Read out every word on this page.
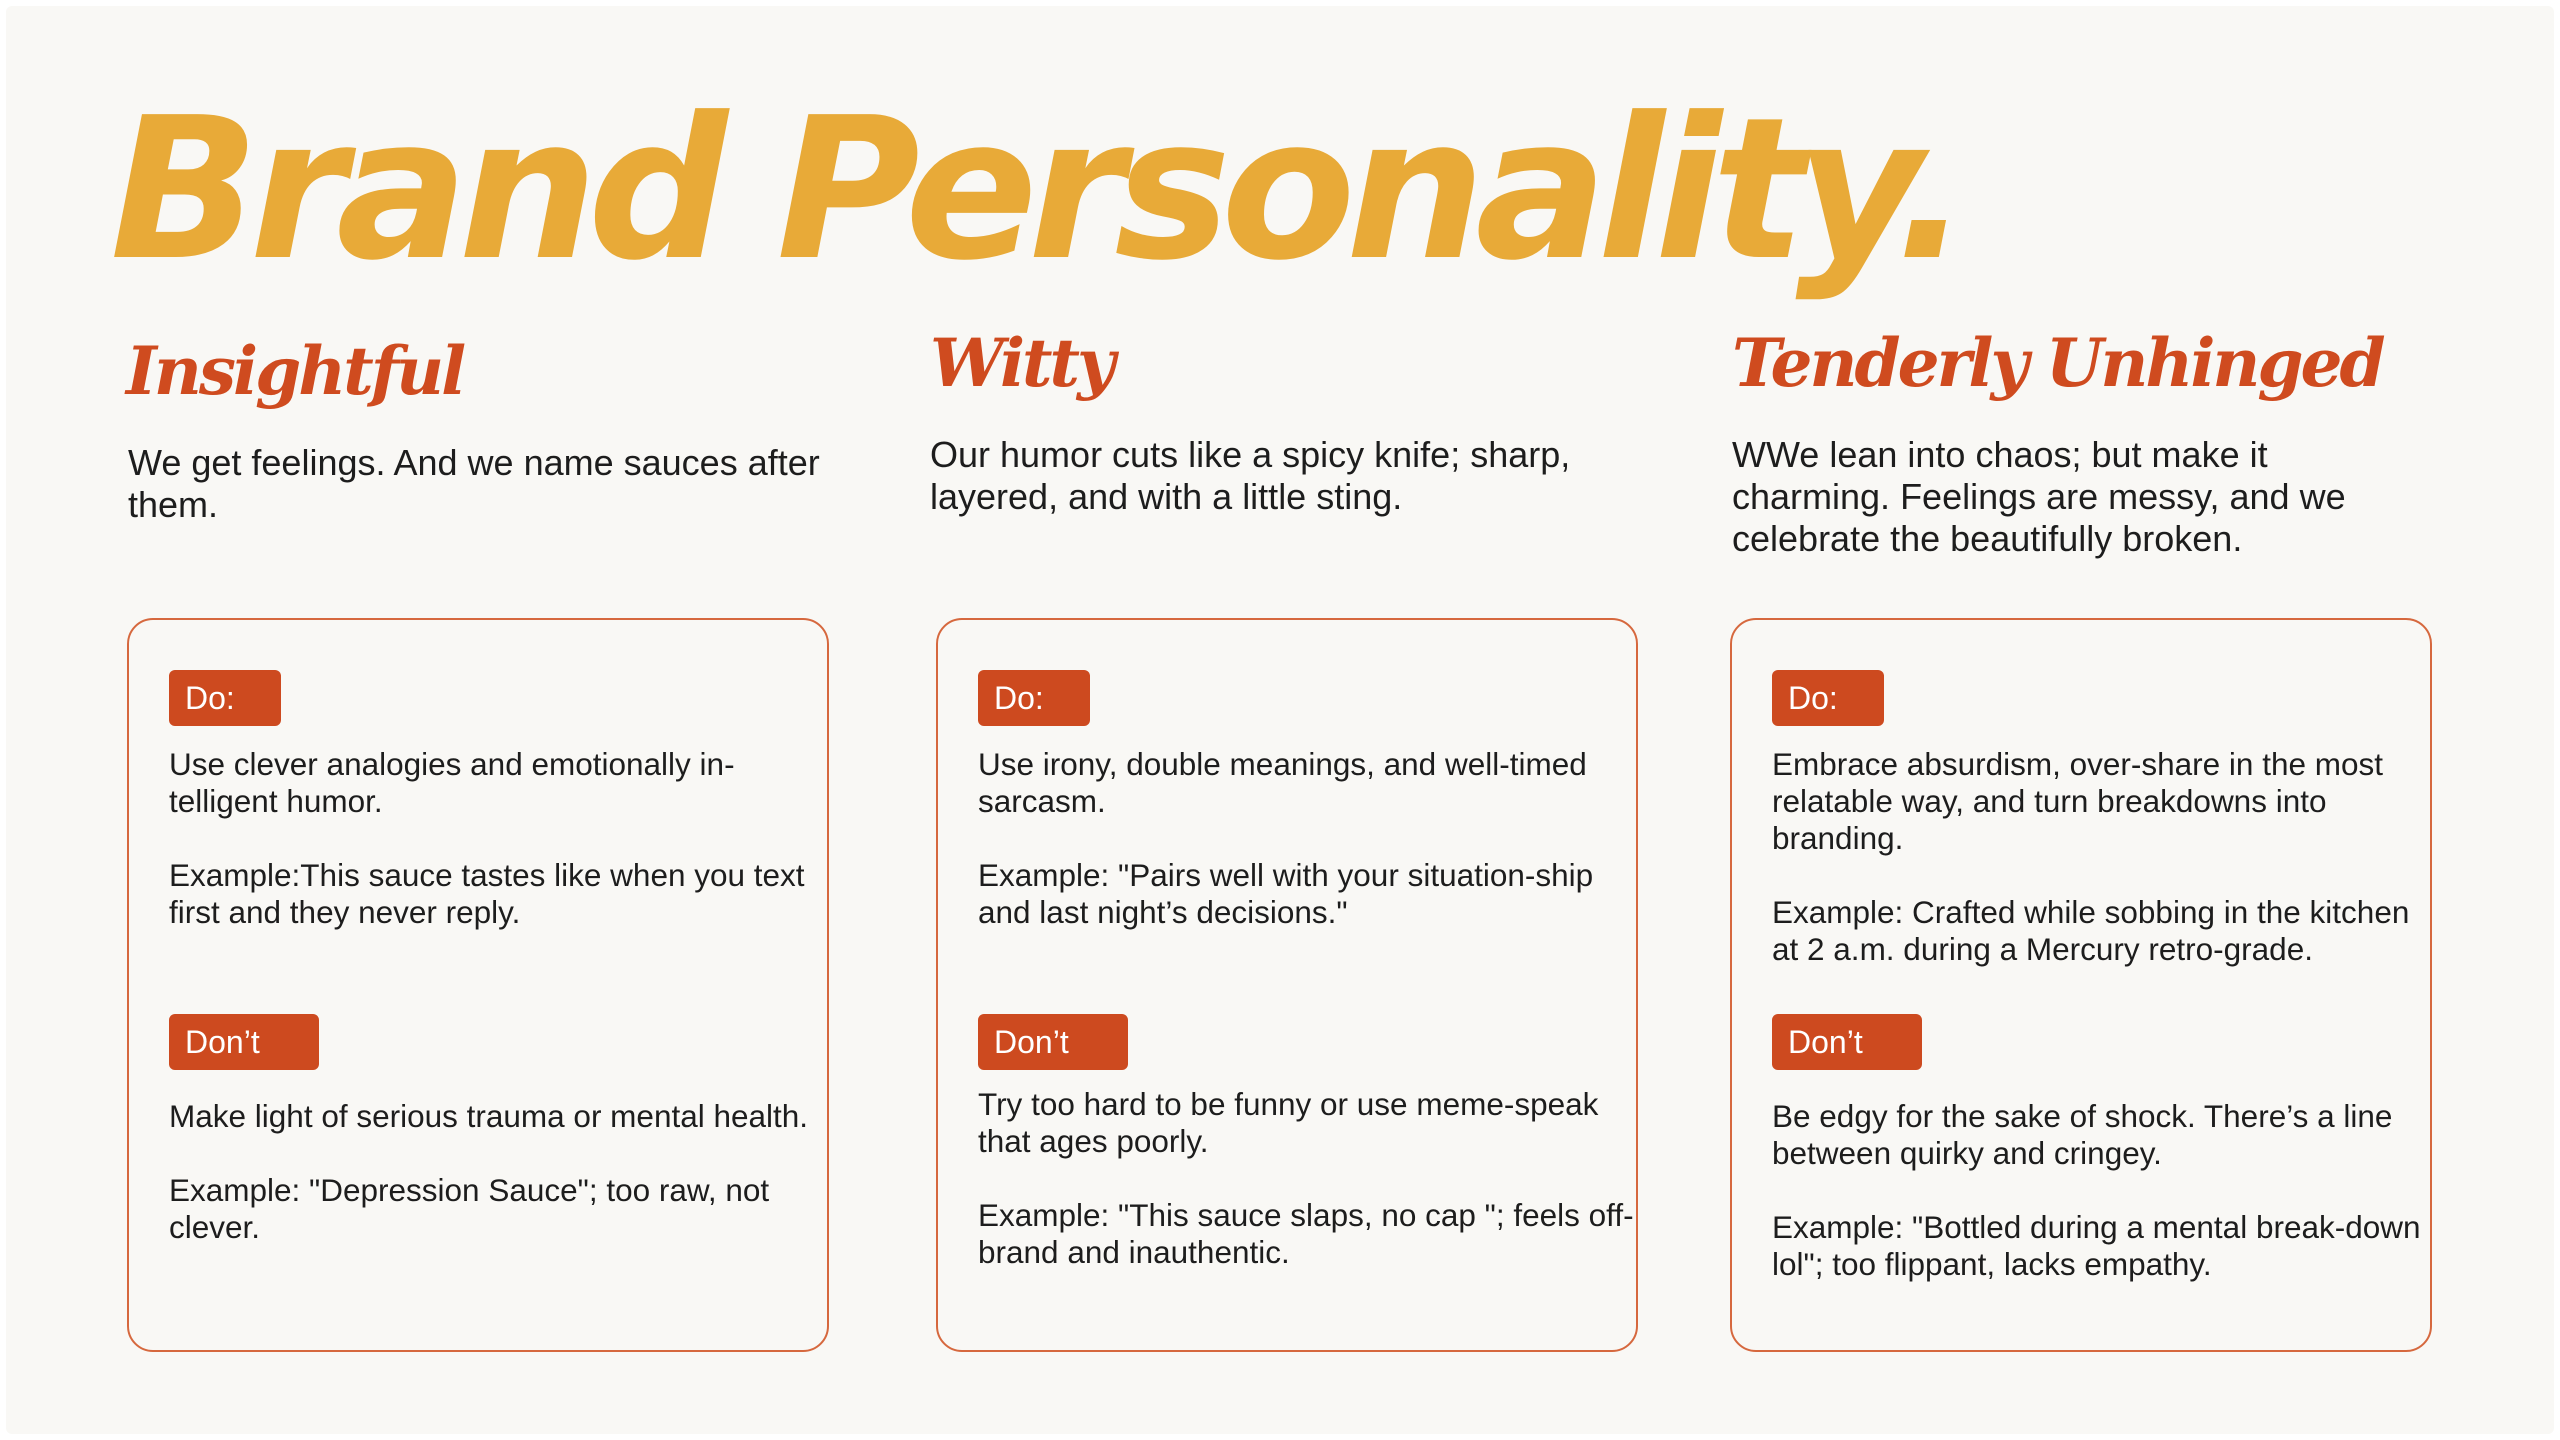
Brand Personality.
Insightful

We get feelings. And we name sauces after them.

Do:

Use clever analogies and emotionally in-telligent humor.

Example:This sauce tastes like when you text first and they never reply.

Don’t

Make light of serious trauma or mental health.

Example: "Depression Sauce"; too raw, not clever.

Witty

Our humor cuts like a spicy knife; sharp, layered, and with a little sting.

Do:

Use irony, double meanings, and well-timed sarcasm.

Example: "Pairs well with your situation-ship and last night’s decisions."

Don’t

Try too hard to be funny or use meme-speak that ages poorly.

Example: "This sauce slaps, no cap "; feels off-brand and inauthentic.

Tenderly Unhinged

WWe lean into chaos; but make it charming. Feelings are messy, and we celebrate the beautifully broken.

Do:

Embrace absurdism, over-share in the most relatable way, and turn breakdowns into branding.

Example: Crafted while sobbing in the kitchen at 2 a.m. during a Mercury retro-grade.

Don’t

Be edgy for the sake of shock. There’s a line between quirky and cringey.

Example: "Bottled during a mental break-down lol"; too flippant, lacks empathy.
